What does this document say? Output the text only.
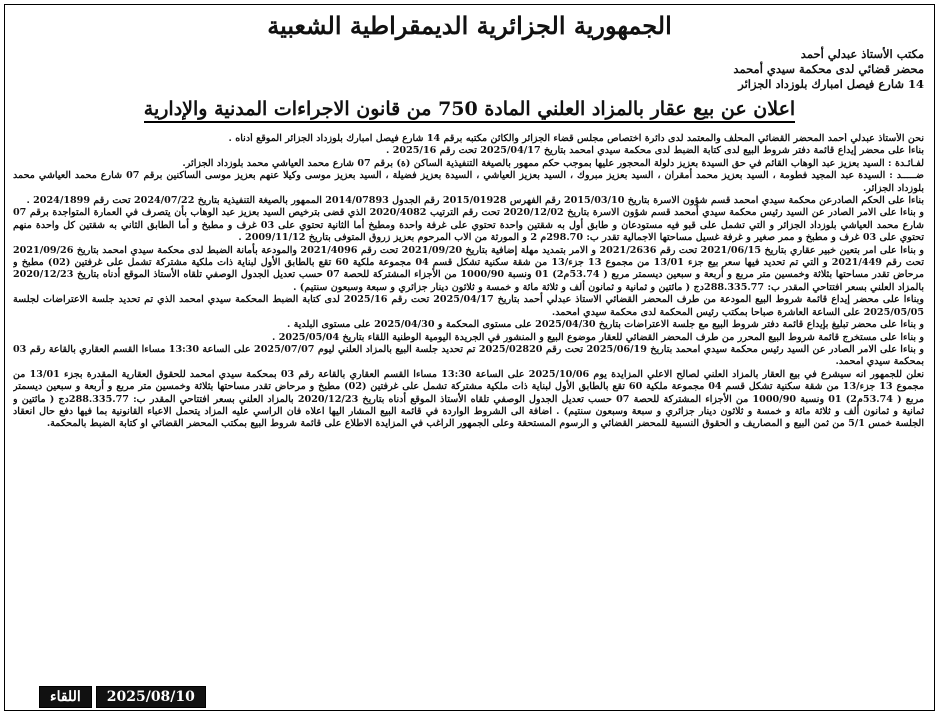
الجمهورية الجزائرية الديمقراطية الشعبية
مكتب الأستاذ عبدلي أحمد
محضر قضائي لدى محكمة سيدي أمحمد
14 شارع فيصل امبارك بلوزداد الجزائر
اعلان عن بيع عقار بالمزاد العلني المادة 750 من قانون الاجراءات المدنية والإدارية

نحن الأستاذ عبدلي أحمد المحضر القضائي المحلف والمعتمد لدى دائرة اختصاص مجلس قضاء الجزائر والكائن مكتبه برقم 14 شارع فيصل امبارك بلوزداد الجزائر الموقع أدناه .

بناءا على محضر إيداع قائمة دفتر شروط البيع لدى كتابة الضبط لدى محكمة سيدي امحمد بتاريخ 2025/04/17 تحت رقم 2025/16 .

لفـائـدة : السيد بعزيز عبد الوهاب القائم في حق السيدة بعزيز دلولة المحجور عليها بموجب حكم ممهور بالصيغة التنفيذية الساكن (ة) برقم 07 شارع محمد العياشي محمد بلوزداد الجزائر.

ضـــــد : السيدة عبد المجيد فطومة ، السيد بعزيز محمد أمقران ، السيد بعزيز مبروك ، السيد بعزيز العياشي ، السيدة بعزيز فضيلة ، السيد بعزيز موسى وكيلا عنهم بعزيز موسى الساكنين برقم 07 شارع محمد العياشي محمد بلوزداد الجزائر.

بناءا على الحكم الصادرعن محكمة سيدي امحمد قسم شؤون الاسرة بتاريخ 2015/03/10 رقم الفهرس 2015/01928 رقم الجدول 2014/07893 الممهور بالصيغة التنفيذية بتاريخ 2024/07/22 تحت رقم 2024/1899 .

و بناءا على الامر الصادر عن السيد رئيس محكمة سيدي أمحمد قسم شؤون الاسرة بتاريخ 2020/12/02 تحت رقم الترتيب 2020/4082 الذي قضى بترخيص السيد بعزيز عبد الوهاب بأن يتصرف في العمارة المتواجدة برقم 07 شارع محمد العياشي بلوزداد الجزائر و التي تشمل على قبو فيه مستودعان و طابق أول به شقتين واحدة تحتوي على غرفة واحدة ومطبخ أما الثانية تحتوي على 03 غرف و مطبخ و أما الطابق الثاني به شقتين كل واحدة منهم تحتوي على 03 غرف و مطبخ و ممر صغير و غرفة غسيل مساحتها الاجمالية تقدر ب: 298.70م 2 و المورثة من الاب المرحوم بعزيز زروق المتوفى بتاريخ 2009/11/12 .

و بناءا على امر بتعين خبير عقاري بتاريخ 2021/06/15 تحت رقم 2021/2636 و الامر بتمديد مهلة إضافية بتاريخ 2021/09/20 تحت رقم 2021/4096 والمودعة بأمانة الضبط لدى محكمة سيدي امحمد بتاريخ 2021/09/26 تحت رقم 2021/449 و التي تم تحديد فيها سعر بيع جزء 13/01 من مجموع 13 جزء/13 من شقة سكنية تشكل قسم 04 مجموعة ملكية 60 تقع بالطابق الأول لبناية ذات ملكية مشتركة تشمل على غرفتين (02) مطبخ و مرحاض تقدر مساحتها بثلاثة وخمسين متر مربع و أربعة و سبعين ديسمتر مربع ( 53.74م2) 01 ونسبة 1000/90 من الأجزاء المشتركة للحصة 07 حسب تعديل الجدول الوصفي تلقاه الأستاذ الموقع أدناه بتاريخ 2020/12/23 بالمزاد العلني بسعر افتتاحي المقدر ب: 288.335.77دج ( مائتين و ثمانية و ثمانون ألف و ثلاثة مائة و خمسة و ثلاثون دينار جزائري و سبعة وسبعون سنتيم) .

وبناءا على محضر إيداع قائمة شروط البيع المودعة من طرف المحضر القضائي الاستاذ عبدلي أحمد بتاريخ 2025/04/17 تحت رقم 2025/16 لدى كتابة الضبط المحكمة سيدي امحمد الذي تم تحديد جلسة الاعتراضات لجلسة 2025/05/05 على الساعة العاشرة صباحا بمكتب رئيس المحكمة لدى محكمة سيدي امحمد.

و بناءا على محضر تبليغ بإيداع قائمة دفتر شروط البيع مع جلسة الاعتراضات بتاريخ 2025/04/30 على مستوى المحكمة و 2025/04/30 على مستوى البلدية .

و بناءا على مستخرج قائمة شروط البيع المحرر من طرف المحضر القضائي للعقار موضوع البيع و المنشور في الجريدة اليومية الوطنية اللقاء بتاريخ 2025/05/04 .

و بناءا على الامر الصادر عن السيد رئيس محكمة سيدي امحمد بتاريخ 2025/06/19 تحت رقم 2025/02820 تم تحديد جلسة البيع بالمزاد العلني ليوم 2025/07/07 على الساعة 13:30 مساءا القسم العقاري بالقاعة رقم 03 بمحكمة سيدي امحمد.

نعلن للجمهور انه سيشرع في بيع العقار بالمزاد العلني لصالح الاعلي المزايدة يوم 2025/10/06 على الساعة 13:30 مساءا القسم العقاري بالقاعة رقم 03 بمحكمة سيدي امحمد للحقوق العقارية المقدرة بجزء 13/01 من مجموع 13 جزء/13 من شقة سكنية تشكل قسم 04 مجموعة ملكية 60 تقع بالطابق الأول لبناية ذات ملكية مشتركة تشمل على غرفتين (02) مطبخ و مرحاض تقدر مساحتها بثلاثة وخمسين متر مربع و أربعة و سبعين ديسمتر مربع ( 53.74م2) 01 ونسبة 1000/90 من الأجزاء المشتركة للحصة 07 حسب تعديل الجدول الوصفي تلقاه الأستاذ الموقع أدناه بتاريخ 2020/12/23 بالمزاد العلني بسعر افتتاحي المقدر ب: 288.335.77دج ( مائتين و ثمانية و ثمانون ألف و ثلاثة مائة و خمسة و ثلاثون دينار جزائري و سبعة وسبعون سنتيم) . اضافة الى الشروط الواردة في قائمة البيع المشار اليها اعلاه فان الراسي عليه المزاد يتحمل الاعباء القانونية بما فيها دفع حال انعقاد الجلسة خمس 5/1 من ثمن البيع و المصاريف و الحقوق النسبية للمحضر القضائي و الرسوم المستحقة وعلى الجمهور الراغب في المزايدة الاطلاع على قائمة شروط البيع بمكتب المحضر القضائي او كتابة الضبط بالمحكمة.

اللقاء	2025/08/10
